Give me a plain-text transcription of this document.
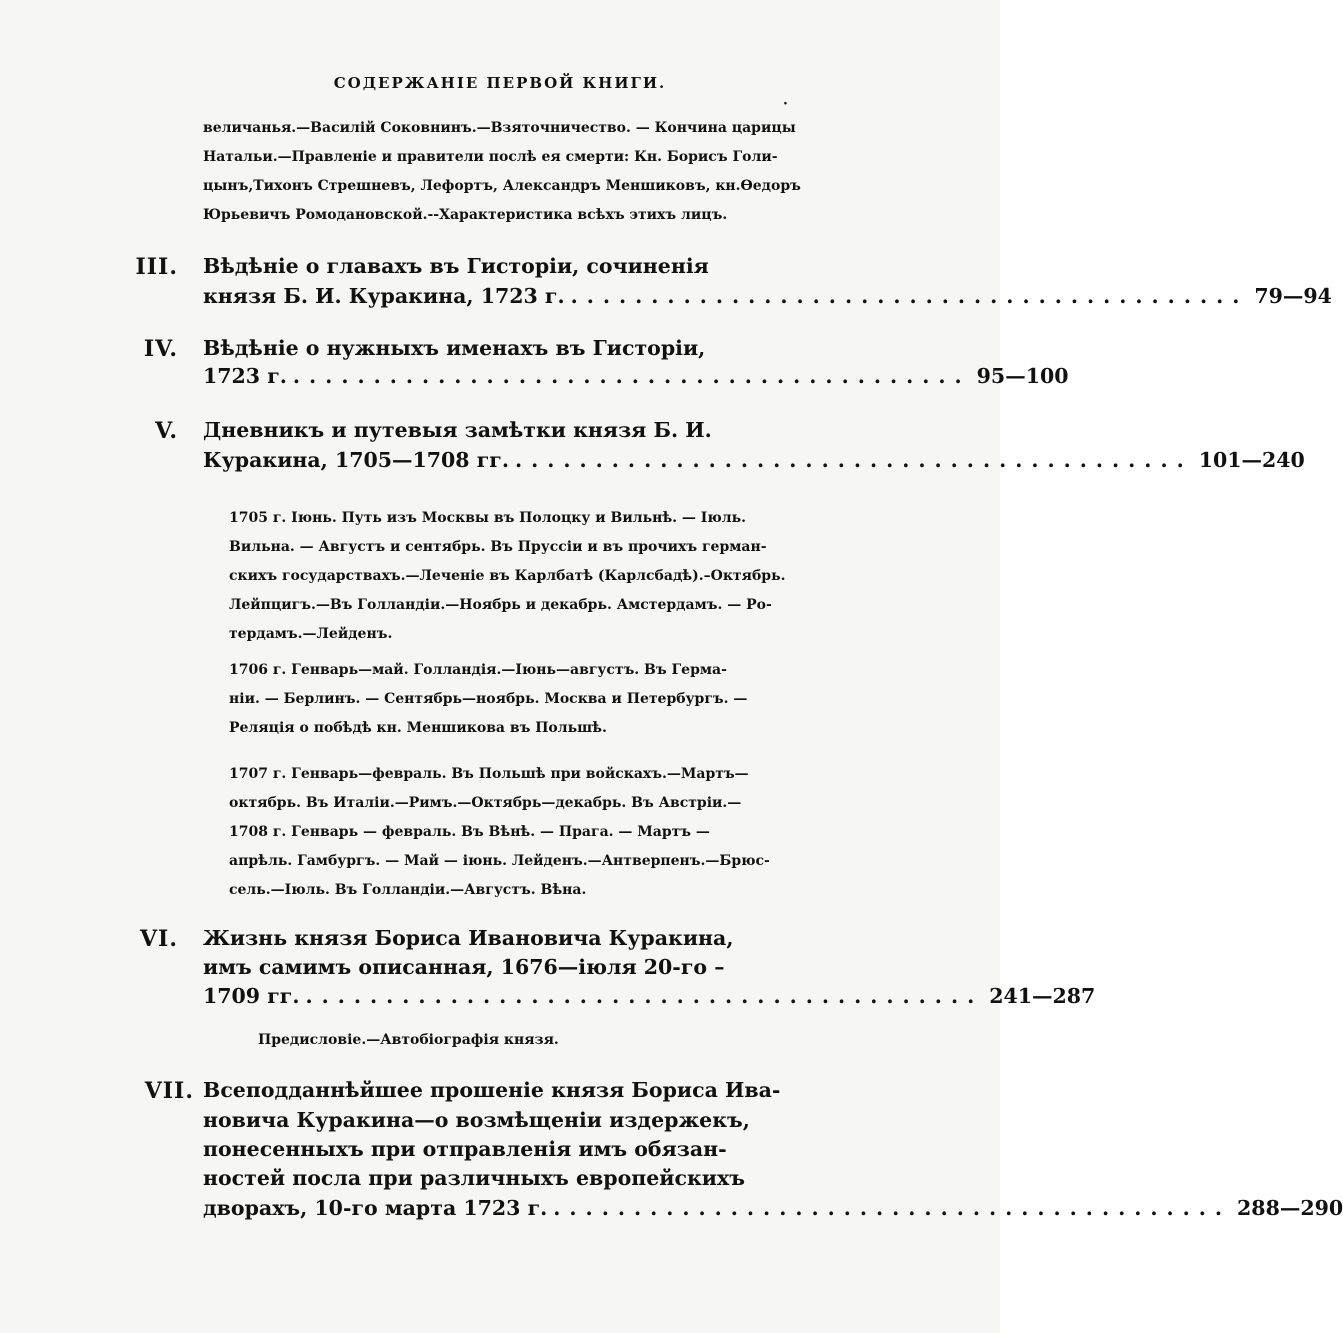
СОДЕРЖАНІЕ ПЕРВОЙ КНИГИ.
·
величанья.—Василій Соковнинъ.—Взяточничество. — Кончина царицы
Натальи.—Правленіе и правители послѣ ея смерти: Кн. Борисъ Голи-
цынъ,Тихонъ Стрешневъ, Лефортъ, Александръ Меншиковъ, кн.Өедоръ
Юрьевичъ Ромодановской.--Характеристика всѣхъ этихъ лицъ.
III. Вѣдѣніе о главахъ въ Гисторіи, сочиненія
князя Б. И. Куракина, 1723 г. .......................................... 79—94
IV. Вѣдѣніе о нужныхъ именахъ въ Гисторіи,
1723 г. .......................................... 95—100
V. Дневникъ и путевыя замѣтки князя Б. И.
Куракина, 1705—1708 гг. .......................................... 101—240
1705 г. Іюнь. Путь изъ Москвы въ Полоцку и Вильнѣ. — Іюль.
Вильна. — Августъ и сентябрь. Въ Пруссіи и въ прочихъ герман-
скихъ государствахъ.—Леченіе въ Карлбатѣ (Карлсбадѣ).–Октябрь.
Лейпцигъ.—Въ Голландіи.—Ноябрь и декабрь. Амстердамъ. — Ро-
тердамъ.—Лейденъ.
1706 г. Генварь—май. Голландія.—Іюнь—августъ. Въ Герма-
ніи. — Берлинъ. — Сентябрь—ноябрь. Москва и Петербургъ. —
Реляція о побѣдѣ кн. Меншикова въ Польшѣ.
1707 г. Генварь—февраль. Въ Польшѣ при войскахъ.—Мартъ—
октябрь. Въ Италіи.—Римъ.—Октябрь—декабрь. Въ Австріи.—
1708 г. Генварь — февраль. Въ Вѣнѣ. — Прага. — Мартъ —
апрѣль. Гамбургъ. — Май — іюнь. Лейденъ.—Антверпенъ.—Брюс-
сель.—Іюль. Въ Голландіи.—Августъ. Вѣна.
VI. Жизнь князя Бориса Ивановича Куракина,
имъ самимъ описанная, 1676—іюля 20-го –
1709 гг. .......................................... 241—287
Предисловіе.—Автобіографія князя.
VII. Всеподданнѣйшее прошеніе князя Бориса Ива-
новича Куракина—о возмѣщеніи издержекъ,
понесенныхъ при отправленія имъ обязан-
ностей посла при различныхъ европейскихъ
дворахъ, 10-го марта 1723 г. .......................................... 288—290
